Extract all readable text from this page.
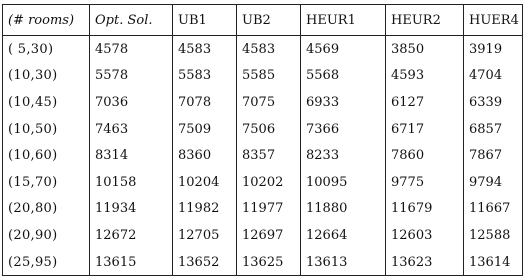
(# rooms)	Opt. Sol.	UB1	UB2	HEUR1	HEUR2	HUER4
( 5,30)	4578	4583	4583	4569	3850	3919
(10,30)	5578	5583	5585	5568	4593	4704
(10,45)	7036	7078	7075	6933	6127	6339
(10,50)	7463	7509	7506	7366	6717	6857
(10,60)	8314	8360	8357	8233	7860	7867
(15,70)	10158	10204	10202	10095	9775	9794
(20,80)	11934	11982	11977	11880	11679	11667
(20,90)	12672	12705	12697	12664	12603	12588
(25,95)	13615	13652	13625	13613	13623	13614
